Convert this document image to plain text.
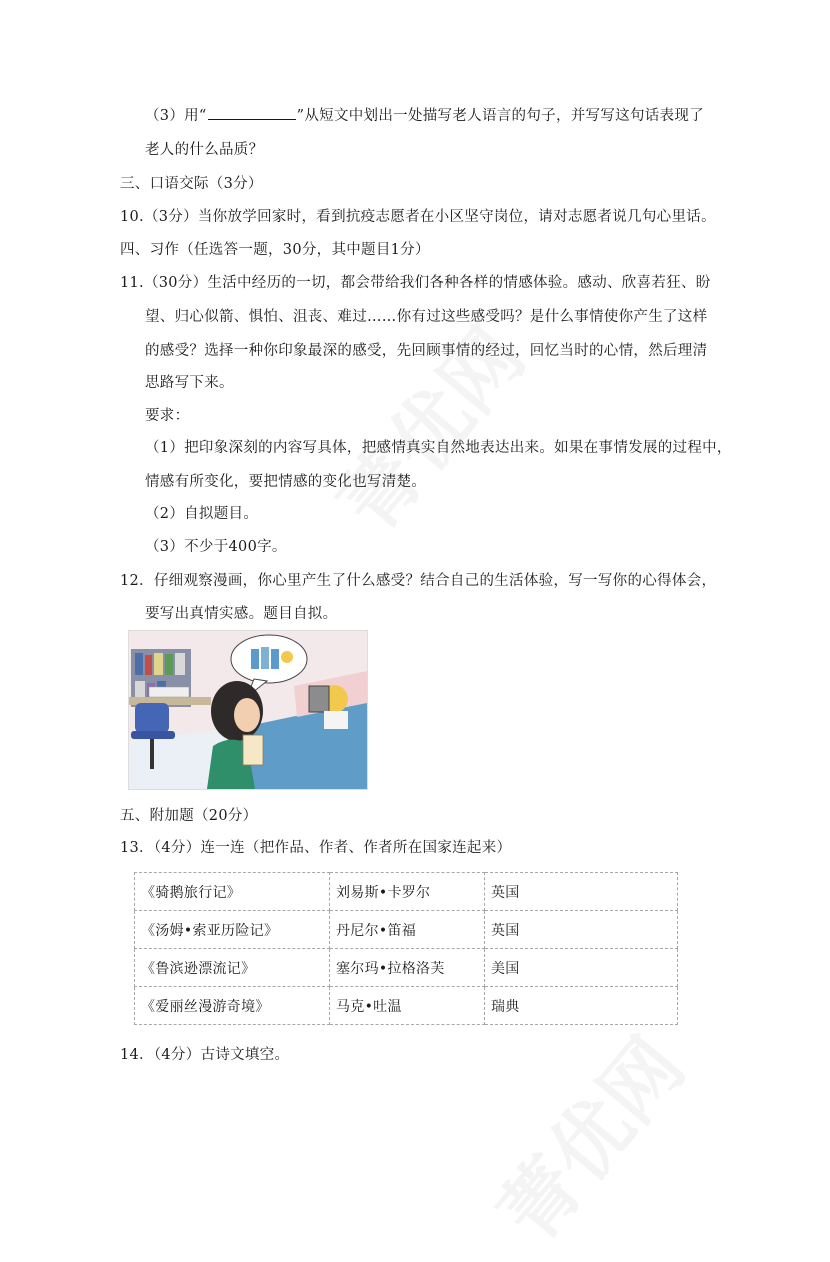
（3）用“	”从短文中划出一处描写老人语言的句子，并写写这句话表现了
老人的什么品质？
三、口语交际（3分）
10.（3分）当你放学回家时，看到抗疫志愿者在小区坚守岗位，请对志愿者说几句心里话。
四、习作（任选答一题，30分，其中题目1分）
11.（30分）生活中经历的一切，都会带给我们各种各样的情感体验。感动、欣喜若狂、盼
望、归心似箭、惧怕、沮丧、难过……你有过这些感受吗？是什么事情使你产生了这样
的感受？选择一种你印象最深的感受，先回顾事情的经过，回忆当时的心情，然后理清
思路写下来。
要求：
（1）把印象深刻的内容写具体，把感情真实自然地表达出来。如果在事情发展的过程中，
情感有所变化，要把情感的变化也写清楚。
（2）自拟题目。
（3）不少于400字。
12．仔细观察漫画，你心里产生了什么感受？结合自己的生活体验，写一写你的心得体会，
要写出真情实感。题目自拟。
五、附加题（20分）
13．（4分）连一连（把作品、作者、作者所在国家连起来）
《骑鹅旅行记》	刘易斯•卡罗尔	英国
《汤姆•索亚历险记》	丹尼尔•笛福	英国
《鲁滨逊漂流记》	塞尔玛•拉格洛芙	美国
《爱丽丝漫游奇境》	马克•吐温	瑞典
14．（4分）古诗文填空。
